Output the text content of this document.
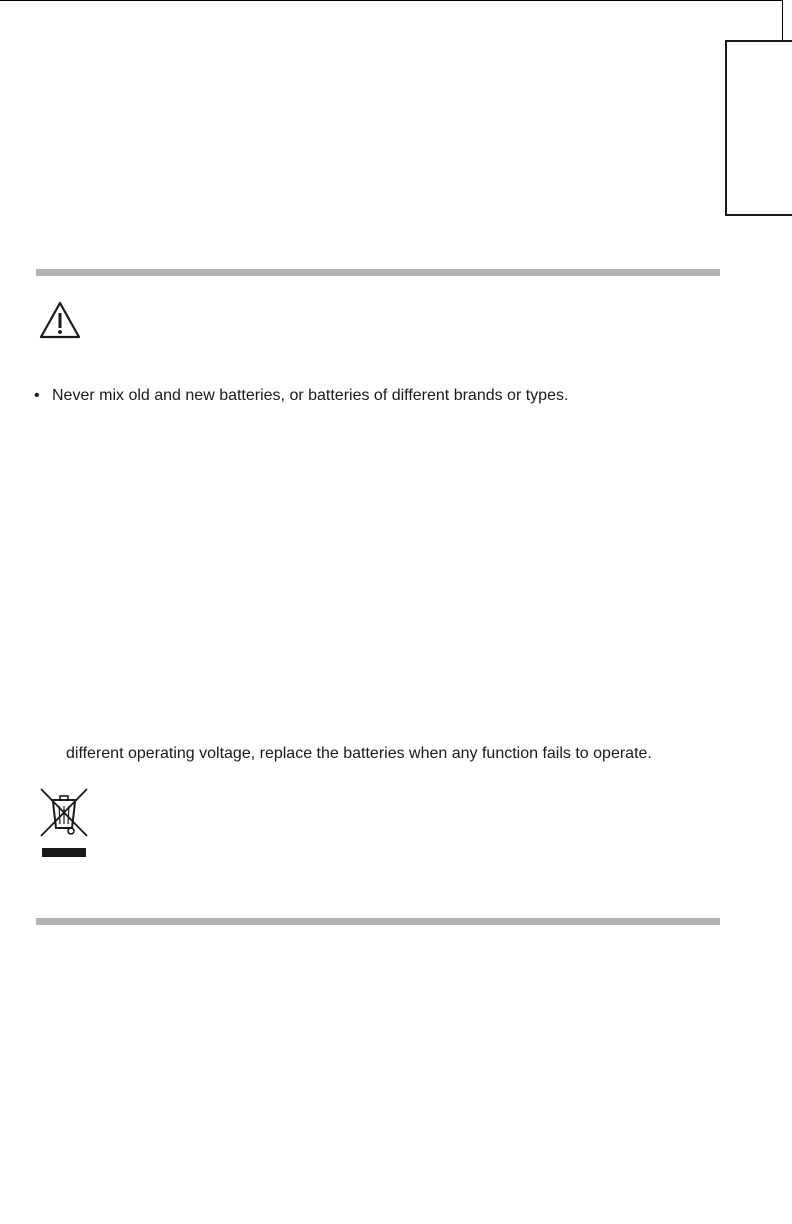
• Never mix old and new batteries, or batteries of different brands or types.
different operating voltage, replace the batteries when any function fails to operate.
